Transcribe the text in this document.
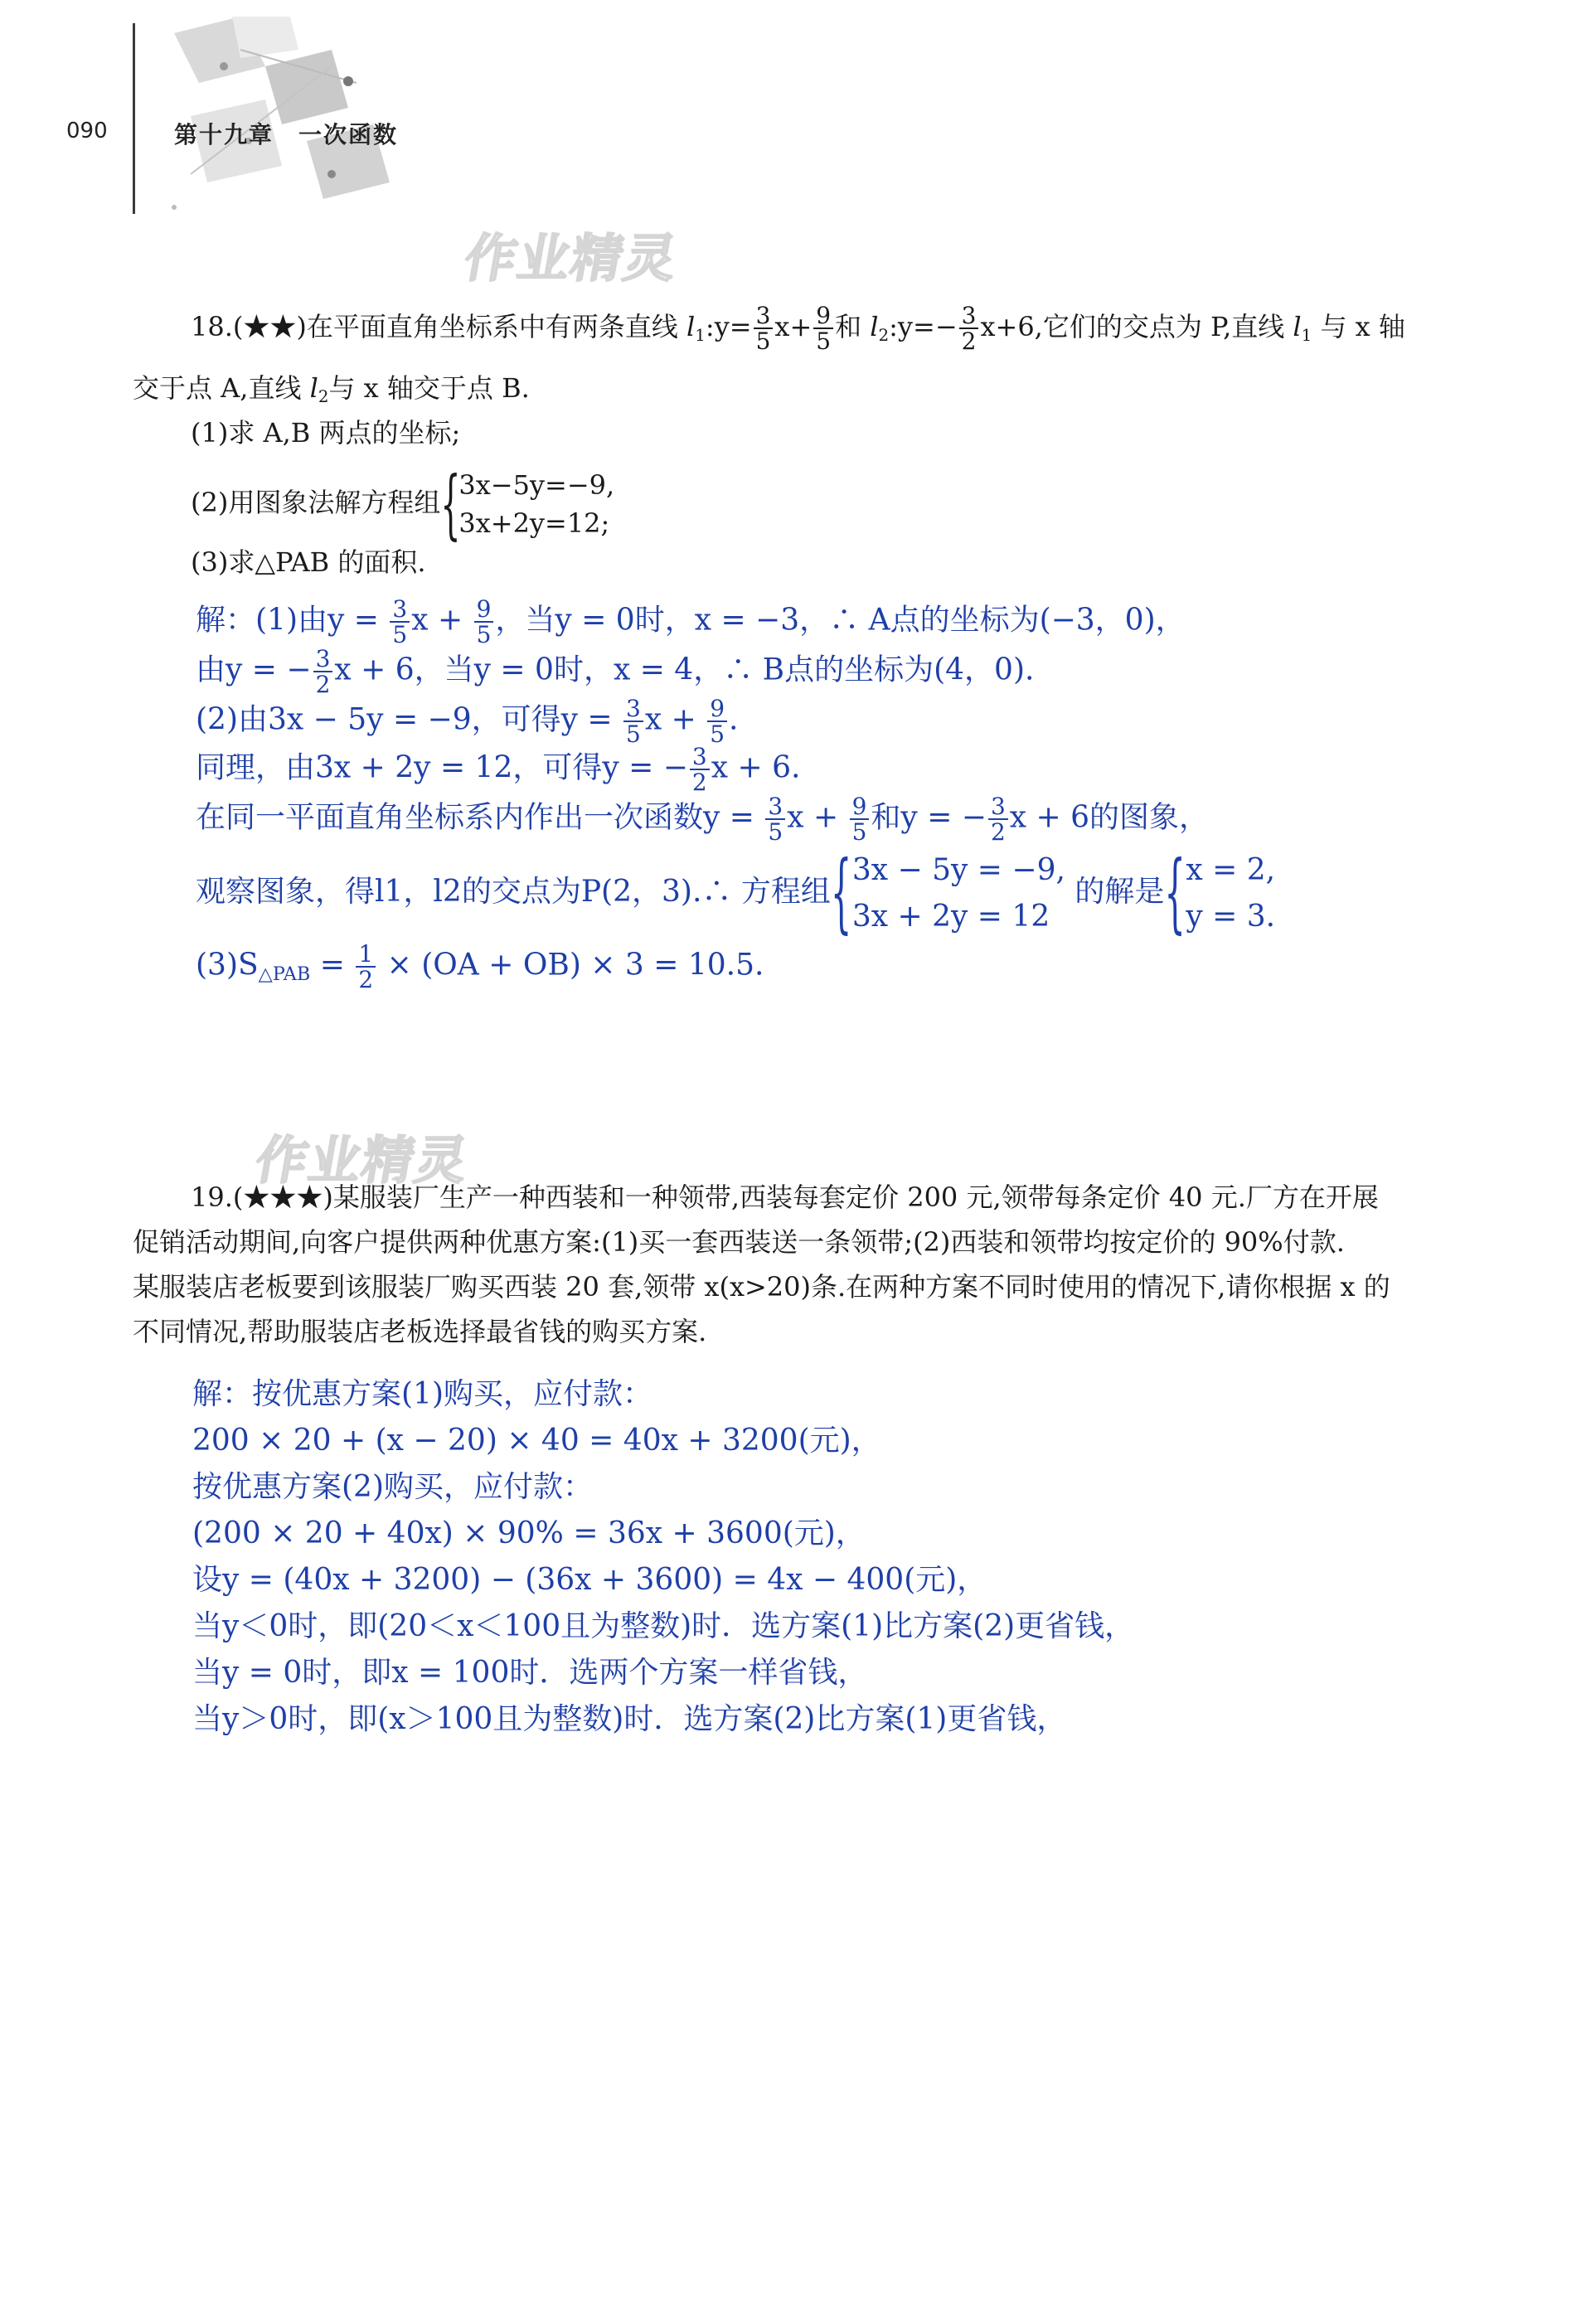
090	第十九章　一次函数
作业精灵
作业精灵
18.(★★)在平面直角坐标系中有两条直线 $l_1:y= \frac{3}{5} x+ \frac{9}{5}$ 和 $l_2:y=- \frac{3}{2} x+6$,它们的交点为 P,直线 $l_1$ 与 x 轴
交于点 A,直线 $l_2$与 x 轴交于点 B.
(1)求 A,B 两点的坐标;
(2)用图象法解方程组 {
3x−5y=−9,
3x+2y=12;
(3)求△PAB 的面积.
解：(1)由$y = \frac{3}{5}$ $x + \frac{9}{5}$ ，当y = 0时，x = −3，∴ A点的坐标为(−3，0)，
由y = − $\frac{3}{2}$ x + 6，当y = 0时，x = 4，∴ B点的坐标为(4，0).
(2)由3x − 5y = −9，可得$y = \frac{3}{5}$ $x + \frac{9}{5}$ .
同理，由3x + 2y = 12，可得y = − $\frac{3}{2}$ x + 6.
在同一平面直角坐标系内作出一次函数$y = \frac{3}{5}$ $x + \frac{9}{5}$ 和y = − $\frac{3}{2}$ x + 6的图象，
观察图象，得l1，l2的交点为P(2，3).∴ 方程组 { 3x − 5y = −9,
3x + 2y = 12
的解是 { x = 2,
y = 3.
$(3)S_{\triangle PAB} = \frac{1}{2} \times (OA + OB) \times 3 = 10.5$.
19.(★★★)某服装厂生产一种西装和一种领带,西装每套定价 200 元,领带每条定价 40 元.厂方在开展
促销活动期间,向客户提供两种优惠方案:(1)买一套西装送一条领带;(2)西装和领带均按定价的 90%付款.
某服装店老板要到该服装厂购买西装 20 套,领带 x(x>20)条.在两种方案不同时使用的情况下,请你根据 x 的
不同情况,帮助服装店老板选择最省钱的购买方案.
解：按优惠方案(1)购买，应付款：
200 × 20 + (x − 20) × 40 = 40x + 3200(元)，
按优惠方案(2)购买，应付款：
(200 × 20 + 40x) × 90% = 36x + 3600(元)，
设y = (40x + 3200) − (36x + 3600) = 4x − 400(元)，
当y＜0时，即(20＜x＜100且为整数)时．选方案(1)比方案(2)更省钱，
当y = 0时，即x = 100时．选两个方案一样省钱，
当y＞0时，即(x＞100且为整数)时．选方案(2)比方案(1)更省钱，
